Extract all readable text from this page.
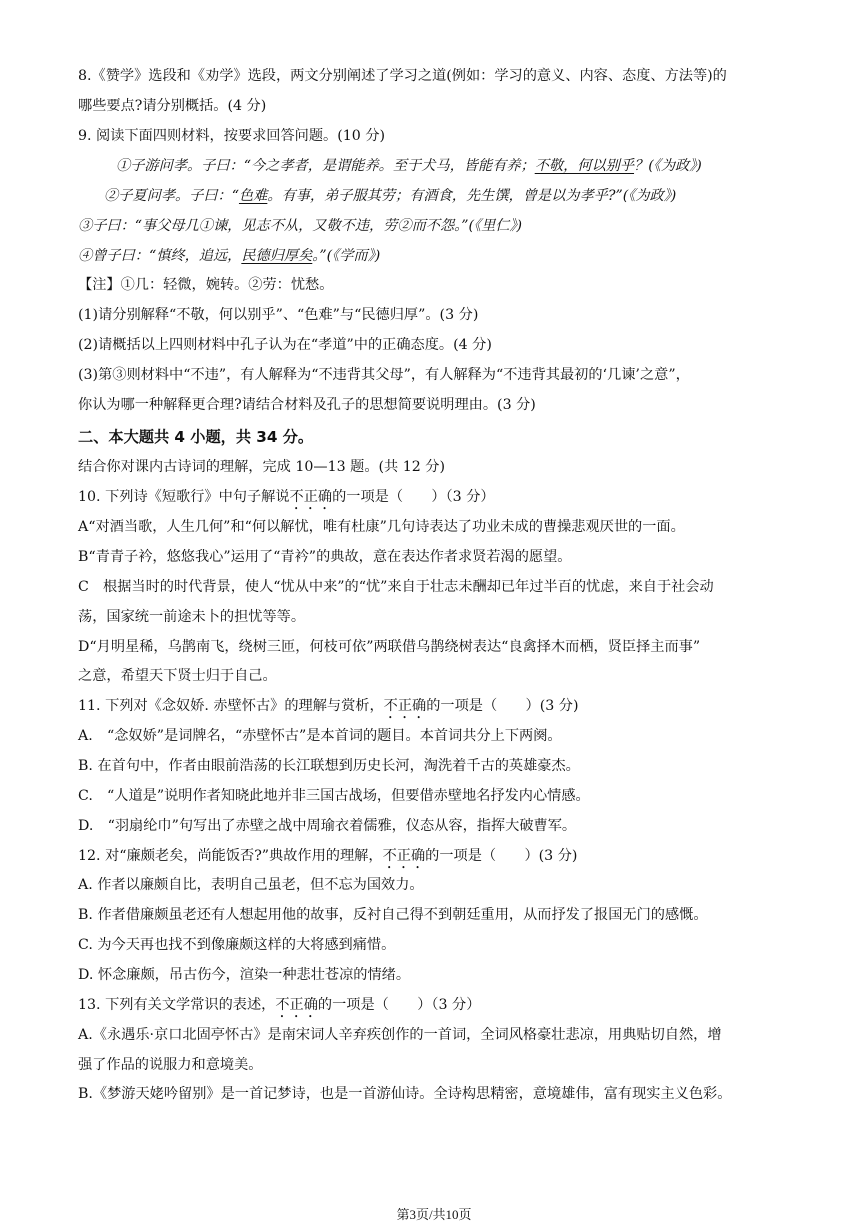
8.《赞学》选段和《劝学》选段，两文分别阐述了学习之道(例如：学习的意义、内容、态度、方法等)的
哪些要点?请分别概括。(4 分)
9. 阅读下面四则材料，按要求回答问题。(10 分)
①子游问孝。子曰：“今之孝者，是谓能养。至于犬马，皆能有养；不敬，何以别乎？(《为政》)
②子夏问孝。子曰：“色难。有事，弟子服其劳；有酒食，先生馔，曾是以为孝乎?”(《为政》)
③子曰：“事父母几①谏，见志不从，又敬不违，劳②而不怨。”(《里仁》)
④曾子曰：“慎终，追远，民德归厚矣。”(《学而》)
【注】①几：轻微，婉转。②劳：忧愁。
(1)请分别解释“不敬，何以别乎”、“色难”与“民德归厚”。(3 分)
(2)请概括以上四则材料中孔子认为在“孝道”中的正确态度。(4 分)
(3)第③则材料中“不违”，有人解释为“不违背其父母”，有人解释为“不违背其最初的‘几谏’之意”，
你认为哪一种解释更合理?请结合材料及孔子的思想简要说明理由。(3 分)
二、本大题共 4 小题，共 34 分。
结合你对课内古诗词的理解，完成 10—13 题。(共 12 分)
10. 下列诗《短歌行》中句子解说不正确的一项是（　　）（3 分）
A“对酒当歌，人生几何”和“何以解忧，唯有杜康”几句诗表达了功业未成的曹操悲观厌世的一面。
B“青青子衿，悠悠我心”运用了“青衿”的典故，意在表达作者求贤若渴的愿望。
C　根据当时的时代背景，使人“忧从中来”的“忧”来自于壮志未酬却已年过半百的忧虑，来自于社会动
荡，国家统一前途未卜的担忧等等。
D“月明星稀，乌鹊南飞，绕树三匝，何枝可依”两联借乌鹊绕树表达“良禽择木而栖，贤臣择主而事”
之意，希望天下贤士归于自己。
11. 下列对《念奴娇. 赤壁怀古》的理解与赏析，不正确的一项是（　　）(3 分)
A.　“念奴娇”是词牌名，“赤壁怀古”是本首词的题目。本首词共分上下两阕。
B. 在首句中，作者由眼前浩荡的长江联想到历史长河，淘洗着千古的英雄豪杰。
C.　“人道是”说明作者知晓此地并非三国古战场，但要借赤壁地名抒发内心情感。
D.　“羽扇纶巾”句写出了赤壁之战中周瑜衣着儒雅，仪态从容，指挥大破曹军。
12. 对“廉颇老矣，尚能饭否?”典故作用的理解，不正确的一项是（　　）(3 分)
A. 作者以廉颇自比，表明自己虽老，但不忘为国效力。
B. 作者借廉颇虽老还有人想起用他的故事，反衬自己得不到朝廷重用，从而抒发了报国无门的感慨。
C. 为今天再也找不到像廉颇这样的大将感到痛惜。
D. 怀念廉颇，吊古伤今，渲染一种悲壮苍凉的情绪。
13. 下列有关文学常识的表述，不正确的一项是（　　）（3 分）
A.《永遇乐·京口北固亭怀古》是南宋词人辛弃疾创作的一首词，全词风格豪壮悲凉，用典贴切自然，增
强了作品的说服力和意境美。
B.《梦游天姥吟留别》是一首记梦诗，也是一首游仙诗。全诗构思精密，意境雄伟，富有现实主义色彩。
第3页/共10页
